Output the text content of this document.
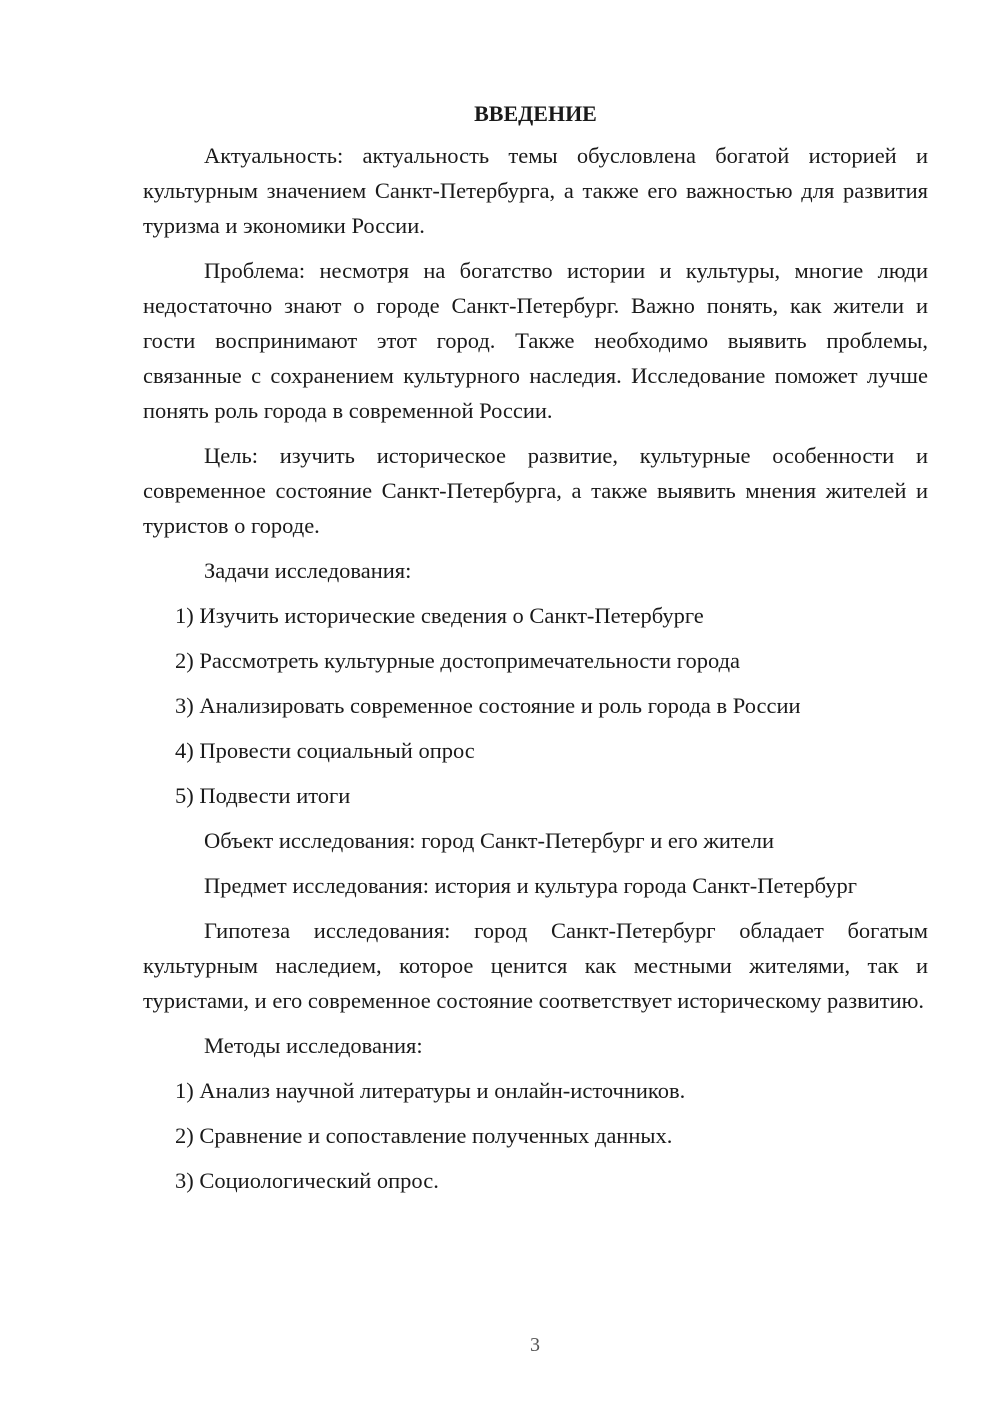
ВВЕДЕНИЕ

Актуальность: актуальность темы обусловлена богатой историей и культурным значением Санкт-Петербурга, а также его важностью для развития туризма и экономики России.

Проблема: несмотря на богатство истории и культуры, многие люди недостаточно знают о городе Санкт-Петербург. Важно понять, как жители и гости воспринимают этот город. Также необходимо выявить проблемы, связанные с сохранением культурного наследия. Исследование поможет лучше понять роль города в современной России.

Цель: изучить историческое развитие, культурные особенности и современное состояние Санкт-Петербурга, а также выявить мнения жителей и туристов о городе.

Задачи исследования:

1) Изучить исторические сведения о Санкт-Петербурге

2) Рассмотреть культурные достопримечательности города

3) Анализировать современное состояние и роль города в России

4) Провести социальный опрос

5) Подвести итоги

Объект исследования: город Санкт-Петербург и его жители

Предмет исследования: история и культура города Санкт-Петербург

Гипотеза исследования: город Санкт-Петербург обладает богатым культурным наследием, которое ценится как местными жителями, так и туристами, и его современное состояние соответствует историческому развитию.

Методы исследования:

1) Анализ научной литературы и онлайн-источников.

2) Сравнение и сопоставление полученных данных.

3) Социологический опрос.

3
